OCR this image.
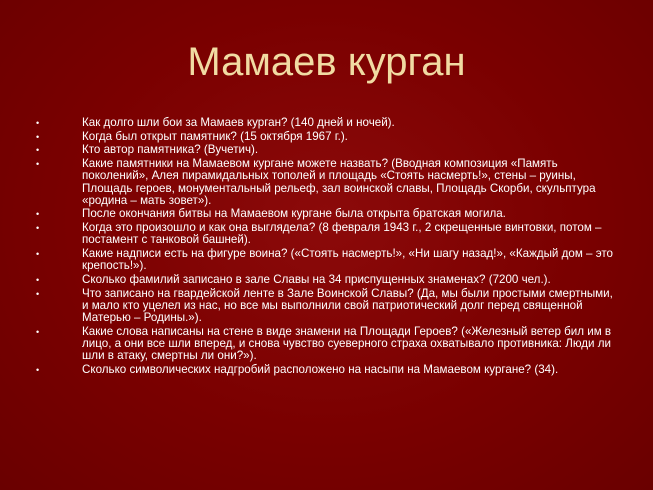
Мамаев курган
•	Как долго шли бои за Мамаев курган? (140 дней и ночей).
•	Когда был открыт памятник? (15 октября 1967 г.).
•	Кто автор памятника? (Вучетич).
•	Какие памятники на Мамаевом кургане можете назвать? (Вводная композиция «Память поколений», Алея пирамидальных тополей и площадь «Стоять насмерть!», стены – руины, Площадь героев, монументальный рельеф, зал воинской славы, Площадь Скорби, скульптура «родина – мать зовет»).
•	После окончания битвы на Мамаевом кургане была открыта братская могила.
•	Когда это произошло и как она выглядела? (8 февраля 1943 г., 2 скрещенные винтовки, потом – постамент с танковой башней).
•	Какие надписи есть на фигуре воина? («Стоять насмерть!», «Ни шагу назад!», «Каждый дом – это крепость!»).
•	Сколько фамилий записано в зале Славы на 34 приспущенных знаменах? (7200 чел.).
•	Что записано на гвардейской ленте в Зале Воинской Славы? (Да, мы были простыми смертными, и мало кто уцелел из нас, но все мы выполнили свой патриотический долг перед священной Матерью – Родины.»).
•	Какие слова написаны на стене в виде знамени на Площади Героев? («Железный ветер бил им в лицо, а они все шли вперед, и снова чувство суеверного страха охватывало противника: Люди ли шли в атаку, смертны ли они?»).
•	Сколько символических надгробий расположено на насыпи на Мамаевом кургане? (34).
